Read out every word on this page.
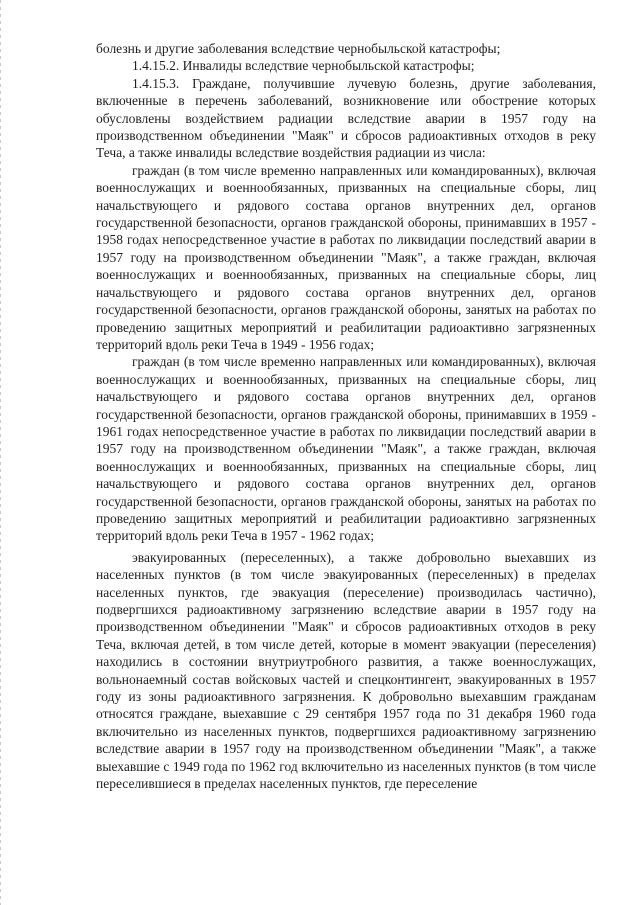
болезнь и другие заболевания вследствие чернобыльской катастрофы;

1.4.15.2. Инвалиды вследствие чернобыльской катастрофы;

1.4.15.3. Граждане, получившие лучевую болезнь, другие заболевания, включенные в перечень заболеваний, возникновение или обострение которых обусловлены воздействием радиации вследствие аварии в 1957 году на производственном объединении "Маяк" и сбросов радиоактивных отходов в реку Теча, а также инвалиды вследствие воздействия радиации из числа:

граждан (в том числе временно направленных или командированных), включая военнослужащих и военнообязанных, призванных на специальные сборы, лиц начальствующего и рядового состава органов внутренних дел, органов государственной безопасности, органов гражданской обороны, принимавших в 1957 - 1958 годах непосредственное участие в работах по ликвидации последствий аварии в 1957 году на производственном объединении "Маяк", а также граждан, включая военнослужащих и военнообязанных, призванных на специальные сборы, лиц начальствующего и рядового состава органов внутренних дел, органов государственной безопасности, органов гражданской обороны, занятых на работах по проведению защитных мероприятий и реабилитации радиоактивно загрязненных территорий вдоль реки Теча в 1949 - 1956 годах;

граждан (в том числе временно направленных или командированных), включая военнослужащих и военнообязанных, призванных на специальные сборы, лиц начальствующего и рядового состава органов внутренних дел, органов государственной безопасности, органов гражданской обороны, принимавших в 1959 - 1961 годах непосредственное участие в работах по ликвидации последствий аварии в 1957 году на производственном объединении "Маяк", а также граждан, включая военнослужащих и военнообязанных, призванных на специальные сборы, лиц начальствующего и рядового состава органов внутренних дел, органов государственной безопасности, органов гражданской обороны, занятых на работах по проведению защитных мероприятий и реабилитации радиоактивно загрязненных территорий вдоль реки Теча в 1957 - 1962 годах;

эвакуированных (переселенных), а также добровольно выехавших из населенных пунктов (в том числе эвакуированных (переселенных) в пределах населенных пунктов, где эвакуация (переселение) производилась частично), подвергшихся радиоактивному загрязнению вследствие аварии в 1957 году на производственном объединении "Маяк" и сбросов радиоактивных отходов в реку Теча, включая детей, в том числе детей, которые в момент эвакуации (переселения) находились в состоянии внутриутробного развития, а также военнослужащих, вольнонаемный состав войсковых частей и спецконтингент, эвакуированных в 1957 году из зоны радиоактивного загрязнения. К добровольно выехавшим гражданам относятся граждане, выехавшие с 29 сентября 1957 года по 31 декабря 1960 года включительно из населенных пунктов, подвергшихся радиоактивному загрязнению вследствие аварии в 1957 году на производственном объединении "Маяк", а также выехавшие с 1949 года по 1962 год включительно из населенных пунктов (в том числе переселившиеся в пределах населенных пунктов, где переселение
